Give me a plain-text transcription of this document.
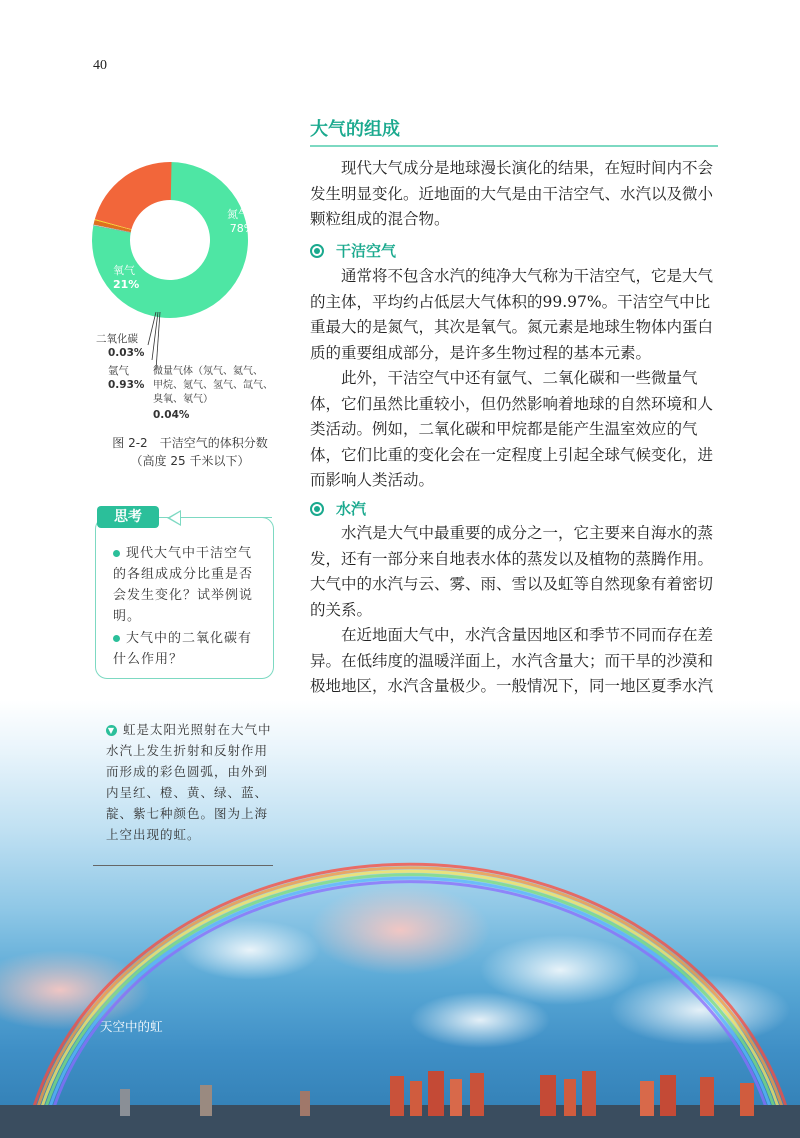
40
大气的组成

现代大气成分是地球漫长演化的结果，在短时间内不会发生明显变化。近地面的大气是由干洁空气、水汽以及微小颗粒组成的混合物。

干洁空气

通常将不包含水汽的纯净大气称为干洁空气，它是大气的主体，平均约占低层大气体积的99.97%。干洁空气中比重最大的是氮气，其次是氧气。氮元素是地球生物体内蛋白质的重要组成部分，是许多生物过程的基本元素。

此外，干洁空气中还有氩气、二氧化碳和一些微量气体，它们虽然比重较小，但仍然影响着地球的自然环境和人类活动。例如，二氧化碳和甲烷都是能产生温室效应的气体，它们比重的变化会在一定程度上引起全球气候变化，进而影响人类活动。

水汽

水汽是大气中最重要的成分之一，它主要来自海水的蒸发，还有一部分来自地表水体的蒸发以及植物的蒸腾作用。大气中的水汽与云、雾、雨、雪以及虹等自然现象有着密切的关系。

在近地面大气中，水汽含量因地区和季节不同而存在差异。在低纬度的温暖洋面上，水汽含量大；而干旱的沙漠和极地地区，水汽含量极少。一般情况下，同一地区夏季水汽

氮气
78%
氧气
21%
二氧化碳
0.03%
氩气
0.93%
微量气体（氖气、氦气、
甲烷、氪气、氢气、氙气、
臭氧、氡气）
0.04%
图 2-2　干洁空气的体积分数
（高度 25 千米以下）
思考

现代大气中干洁空气的各组成成分比重是否会发生变化？试举例说明。

大气中的二氧化碳有什么作用？

▼ 虹是太阳光照射在大气中水汽上发生折射和反射作用而形成的彩色圆弧，由外到内呈红、橙、黄、绿、蓝、靛、紫七种颜色。图为上海上空出现的虹。

天空中的虹
